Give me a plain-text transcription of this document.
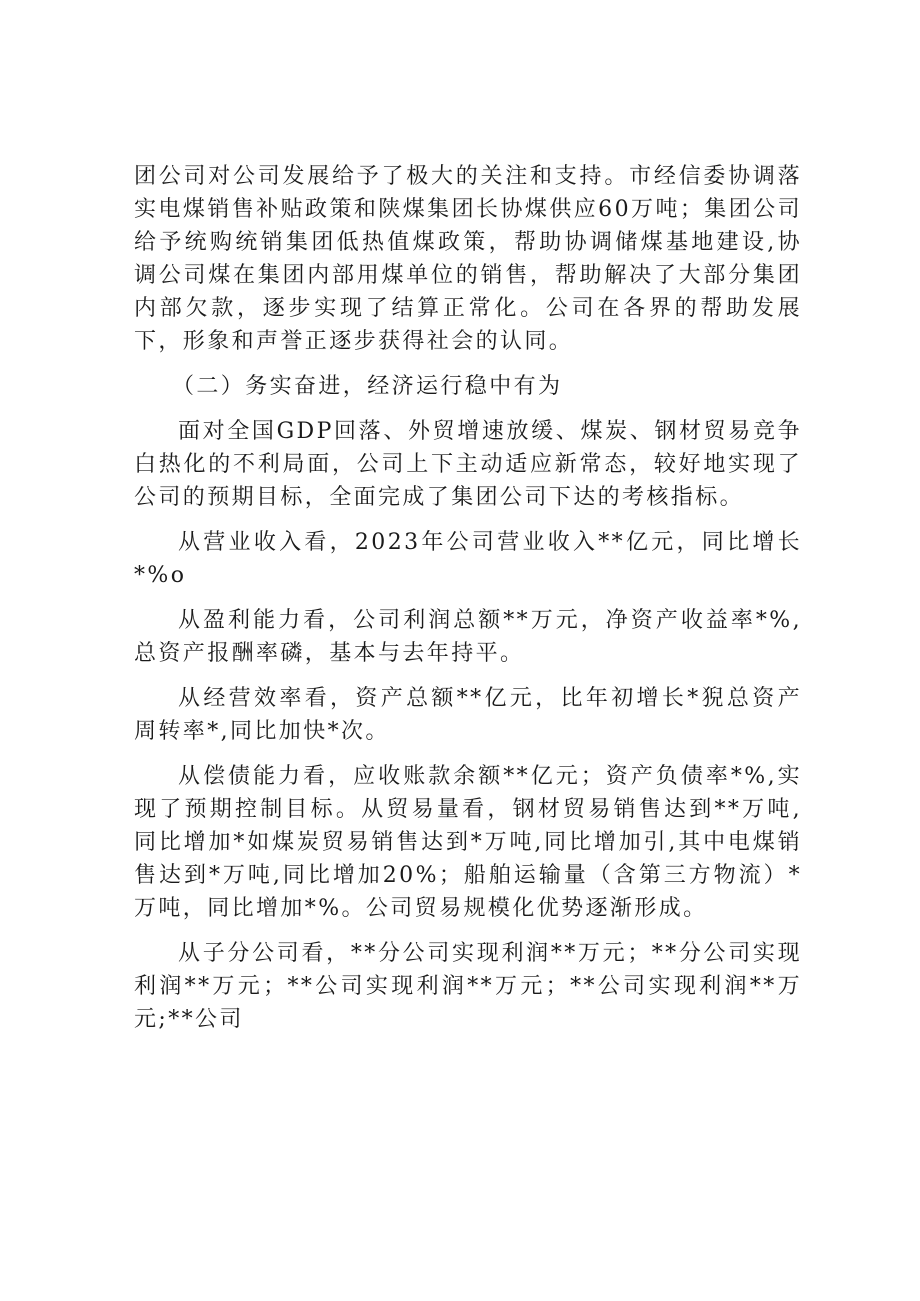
团公司对公司发展给予了极大的关注和支持。市经信委协调落实电煤销售补贴政策和陕煤集团长协煤供应60万吨；集团公司给予统购统销集团低热值煤政策，帮助协调储煤基地建设,协调公司煤在集团内部用煤单位的销售，帮助解决了大部分集团内部欠款，逐步实现了结算正常化。公司在各界的帮助发展下，形象和声誉正逐步获得社会的认同。

（二）务实奋进，经济运行稳中有为

面对全国GDP回落、外贸增速放缓、煤炭、钢材贸易竞争白热化的不利局面，公司上下主动适应新常态，较好地实现了公司的预期目标，全面完成了集团公司下达的考核指标。

从营业收入看，2023年公司营业收入**亿元，同比增长*%o

从盈利能力看，公司利润总额**万元，净资产收益率*%,总资产报酬率磷，基本与去年持平。

从经营效率看，资产总额**亿元，比年初增长*猊总资产周转率*,同比加快*次。

从偿债能力看，应收账款余额**亿元；资产负债率*%,实现了预期控制目标。从贸易量看，钢材贸易销售达到**万吨,同比增加*如煤炭贸易销售达到*万吨,同比增加引,其中电煤销售达到*万吨,同比增加20%；船舶运输量（含第三方物流）*万吨，同比增加*%。公司贸易规模化优势逐渐形成。

从子分公司看，**分公司实现利润**万元；**分公司实现利润**万元；**公司实现利润**万元；**公司实现利润**万元;**公司
